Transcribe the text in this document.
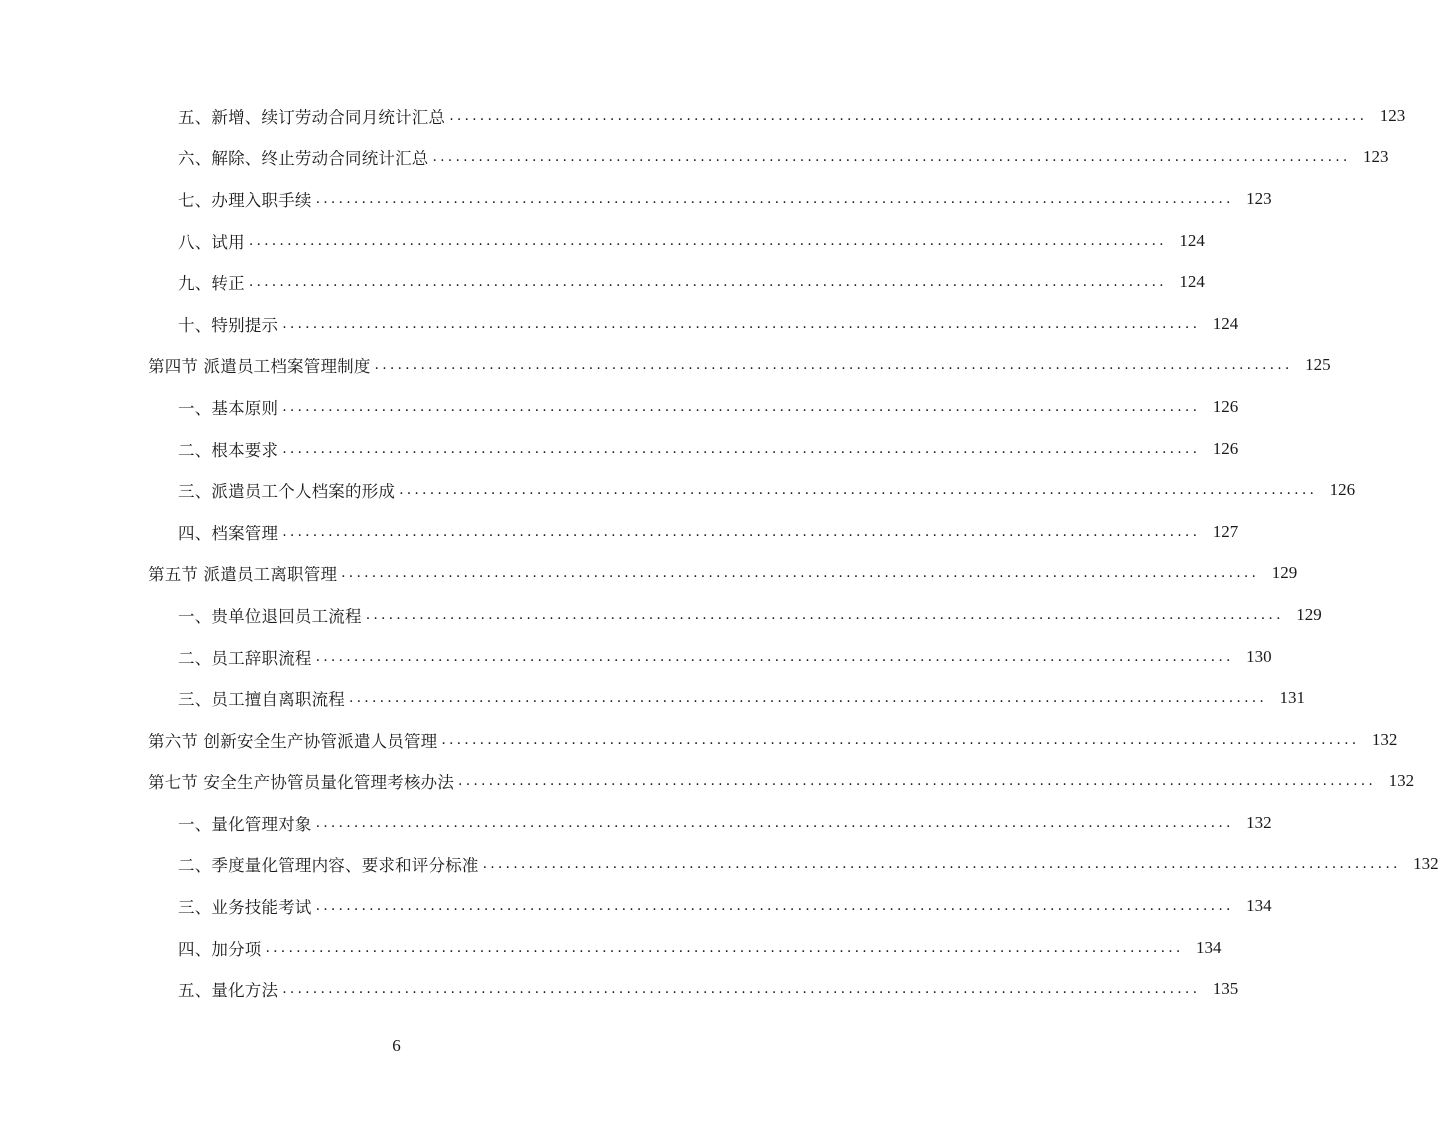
五、新增、续订劳动合同月统计汇总 ........................................................................................................................ 123
六、解除、终止劳动合同统计汇总 ........................................................................................................................ 123
七、办理入职手续 ........................................................................................................................ 123
八、试用 ........................................................................................................................ 124
九、转正 ........................................................................................................................ 124
十、特别提示 ........................................................................................................................ 124
第四节 派遣员工档案管理制度 ........................................................................................................................ 125
一、基本原则 ........................................................................................................................ 126
二、根本要求 ........................................................................................................................ 126
三、派遣员工个人档案的形成 ........................................................................................................................ 126
四、档案管理 ........................................................................................................................ 127
第五节 派遣员工离职管理 ........................................................................................................................ 129
一、贵单位退回员工流程 ........................................................................................................................ 129
二、员工辞职流程 ........................................................................................................................ 130
三、员工擅自离职流程 ........................................................................................................................ 131
第六节 创新安全生产协管派遣人员管理 ........................................................................................................................ 132
第七节 安全生产协管员量化管理考核办法 ........................................................................................................................ 132
一、量化管理对象 ........................................................................................................................ 132
二、季度量化管理内容、要求和评分标准 ........................................................................................................................ 132
三、业务技能考试 ........................................................................................................................ 134
四、加分项 ........................................................................................................................ 134
五、量化方法 ........................................................................................................................ 135
6
